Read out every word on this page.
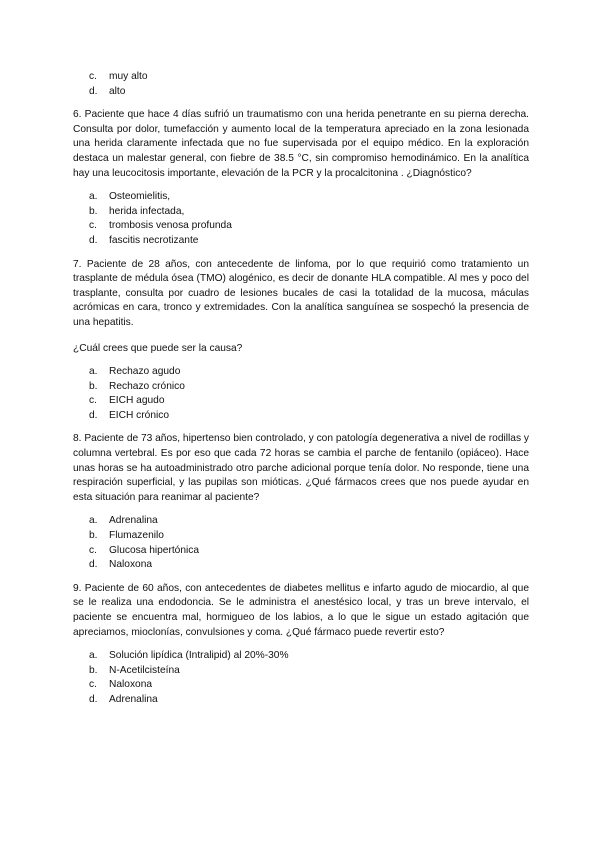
c.	muy alto
d.	alto

6. Paciente que hace 4 días sufrió un traumatismo con una herida penetrante en su pierna derecha. Consulta por dolor, tumefacción y aumento local de la temperatura apreciado en la zona lesionada una herida claramente infectada que no fue supervisada por el equipo médico. En la exploración destaca un malestar general, con fiebre de 38.5 °C, sin compromiso hemodinámico. En la analítica hay una leucocitosis importante, elevación de la PCR y la procalcitonina . ¿Diagnóstico?

a.	Osteomielitis,
b.	herida infectada,
c.	trombosis venosa profunda
d.	fascitis necrotizante

7. Paciente de 28 años, con antecedente de linfoma, por lo que requirió como tratamiento un trasplante de médula ósea (TMO) alogénico, es decir de donante HLA compatible. Al mes y poco del trasplante, consulta por cuadro de lesiones bucales de casi la totalidad de la mucosa, máculas acrómicas en cara, tronco y extremidades. Con la analítica sanguínea se sospechó la presencia de una hepatitis.

¿Cuál crees que puede ser la causa?

a.	Rechazo agudo
b.	Rechazo crónico
c.	EICH agudo
d.	EICH crónico

8. Paciente de 73 años, hipertenso bien controlado, y con patología degenerativa a nivel de rodillas y columna vertebral. Es por eso que cada 72 horas se cambia el parche de fentanilo (opiáceo). Hace unas horas se ha autoadministrado otro parche adicional porque tenía dolor. No responde, tiene una respiración superficial, y las pupilas son mióticas. ¿Qué fármacos crees que nos puede ayudar en esta situación para reanimar al paciente?

a.	Adrenalina
b.	Flumazenilo
c.	Glucosa hipertónica
d.	Naloxona

9. Paciente de 60 años, con antecedentes de diabetes mellitus e infarto agudo de miocardio, al que se le realiza una endodoncia. Se le administra el anestésico local, y tras un breve intervalo, el paciente se encuentra mal, hormigueo de los labios, a lo que le sigue un estado agitación que apreciamos, mioclonías, convulsiones y coma. ¿Qué fármaco puede revertir esto?

a.	Solución lipídica (Intralipid) al 20%-30%
b.	N-Acetilcisteína
c.	Naloxona
d.	Adrenalina
